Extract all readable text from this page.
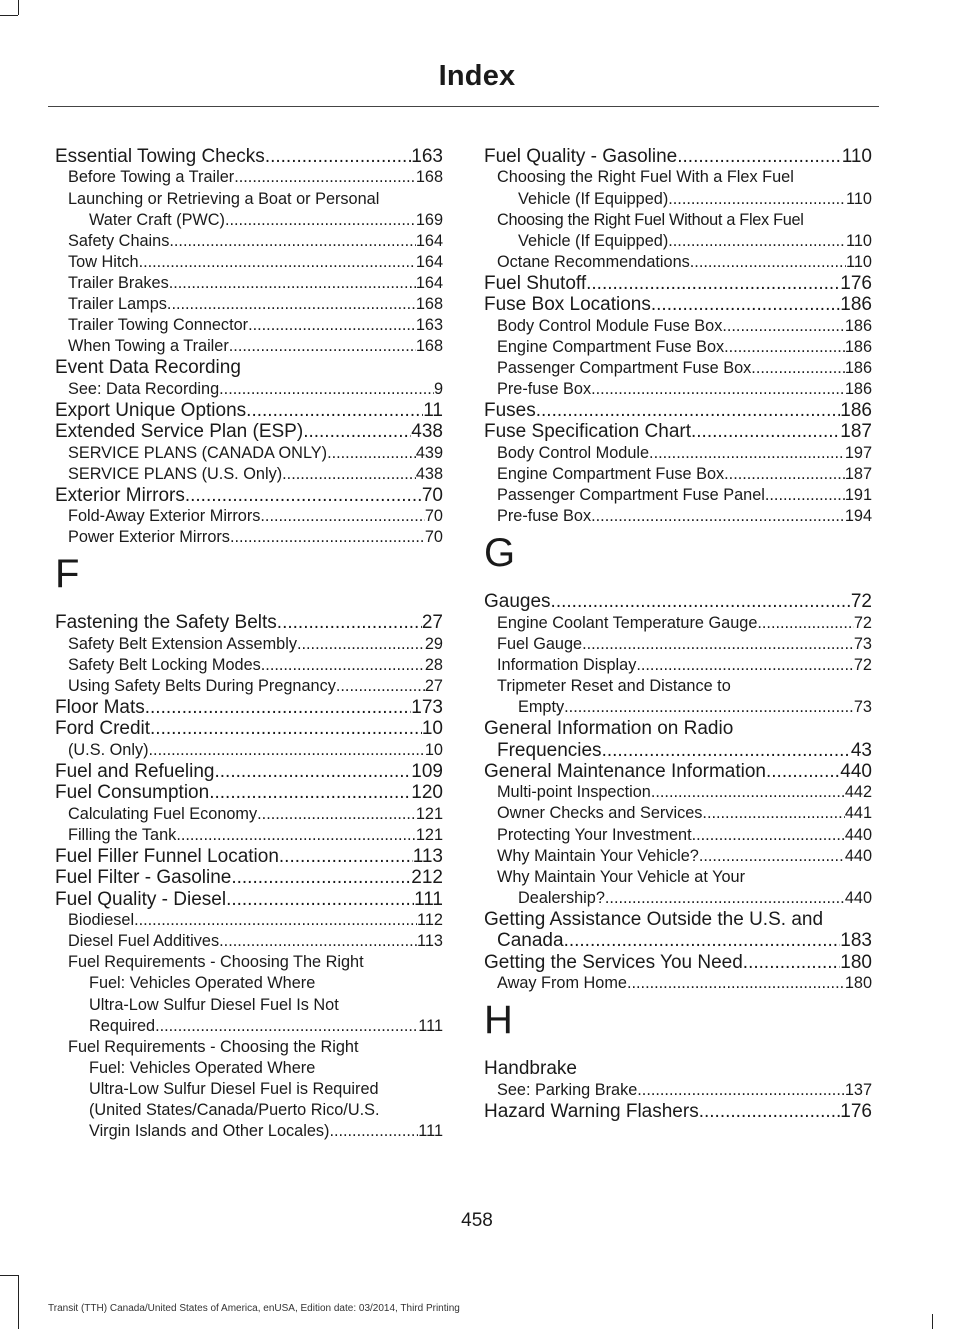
Index
Essential Towing Checks .....	163
Before Towing a Trailer .....	168
Launching or Retrieving a Boat or Personal
Water Craft (PWC) .....	169
Safety Chains .....	164
Tow Hitch .....	164
Trailer Brakes .....	164
Trailer Lamps .....	168
Trailer Towing Connector .....	163
When Towing a Trailer .....	168
Event Data Recording
See: Data Recording .....	9
Export Unique Options .....	11
Extended Service Plan (ESP) .....	438
SERVICE PLANS (CANADA ONLY) .....	439
SERVICE PLANS (U.S. Only) .....	438
Exterior Mirrors .....	70
Fold-Away Exterior Mirrors .....	70
Power Exterior Mirrors .....	70
F
Fastening the Safety Belts .....	27
Safety Belt Extension Assembly .....	29
Safety Belt Locking Modes .....	28
Using Safety Belts During Pregnancy .....	27
Floor Mats .....	173
Ford Credit .....	10
(U.S. Only) .....	10
Fuel and Refueling .....	109
Fuel Consumption .....	120
Calculating Fuel Economy .....	121
Filling the Tank .....	121
Fuel Filler Funnel Location .....	113
Fuel Filter - Gasoline .....	212
Fuel Quality - Diesel .....	111
Biodiesel .....	112
Diesel Fuel Additives .....	113
Fuel Requirements - Choosing The Right
Fuel: Vehicles Operated Where
Ultra-Low Sulfur Diesel Fuel Is Not
Required .....	111
Fuel Requirements - Choosing the Right
Fuel: Vehicles Operated Where
Ultra-Low Sulfur Diesel Fuel is Required
(United States/Canada/Puerto Rico/U.S.
Virgin Islands and Other Locales) .....	111
Fuel Quality - Gasoline .....	110
Choosing the Right Fuel With a Flex Fuel
Vehicle (If Equipped) .....	110
Choosing the Right Fuel Without a Flex Fuel
Vehicle (If Equipped) .....	110
Octane Recommendations .....	110
Fuel Shutoff .....	176
Fuse Box Locations .....	186
Body Control Module Fuse Box .....	186
Engine Compartment Fuse Box .....	186
Passenger Compartment Fuse Box .....	186
Pre-fuse Box .....	186
Fuses .....	186
Fuse Specification Chart .....	187
Body Control Module .....	197
Engine Compartment Fuse Box .....	187
Passenger Compartment Fuse Panel .....	191
Pre-fuse Box .....	194
G
Gauges .....	72
Engine Coolant Temperature Gauge .....	72
Fuel Gauge .....	73
Information Display .....	72
Tripmeter Reset and Distance to
Empty .....	73
General Information on Radio
Frequencies .....	43
General Maintenance Information .....	440
Multi-point Inspection .....	442
Owner Checks and Services .....	441
Protecting Your Investment .....	440
Why Maintain Your Vehicle? .....	440
Why Maintain Your Vehicle at Your
Dealership? .....	440
Getting Assistance Outside the U.S. and
Canada .....	183
Getting the Services You Need .....	180
Away From Home .....	180
H
Handbrake
See: Parking Brake .....	137
Hazard Warning Flashers .....	176
458
Transit (TTH) Canada/United States of America, enUSA, Edition date: 03/2014, Third Printing
